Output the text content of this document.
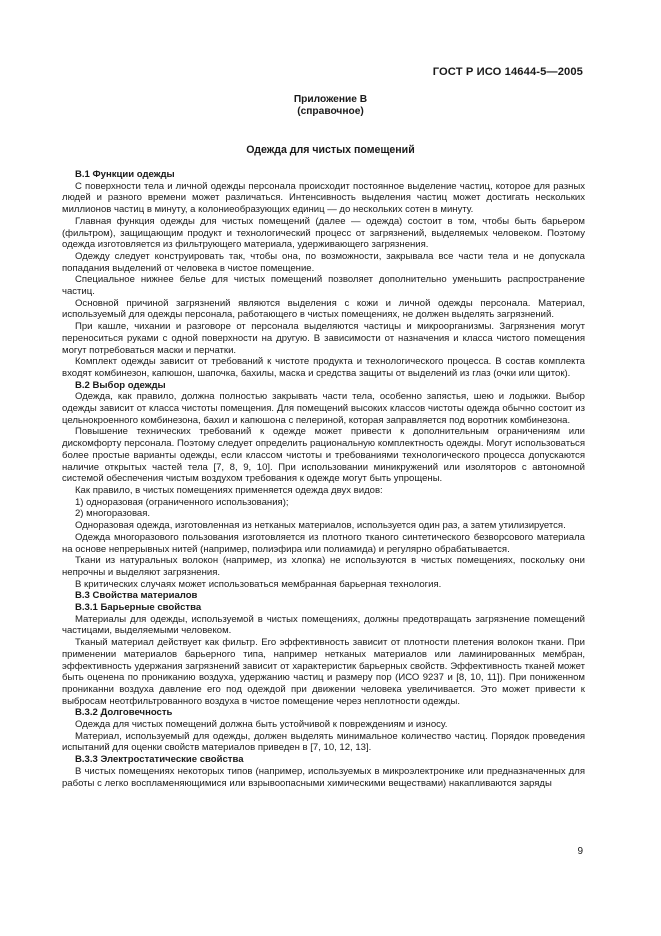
ГОСТ Р ИСО 14644-5—2005
Приложение B
(справочное)
Одежда для чистых помещений

B.1 Функции одежды

С поверхности тела и личной одежды персонала происходит постоянное выделение частиц, которое для разных людей и разного времени может различаться. Интенсивность выделения частиц может достигать нескольких миллионов частиц в минуту, а колониеобразующих единиц — до нескольких сотен в минуту.

Главная функция одежды для чистых помещений (далее — одежда) состоит в том, чтобы быть барьером (фильтром), защищающим продукт и технологический процесс от загрязнений, выделяемых человеком. Поэтому одежда изготовляется из фильтрующего материала, удерживающего загрязнения.

Одежду следует конструировать так, чтобы она, по возможности, закрывала все части тела и не допускала попадания выделений от человека в чистое помещение.

Специальное нижнее белье для чистых помещений позволяет дополнительно уменьшить распространение частиц.

Основной причиной загрязнений являются выделения с кожи и личной одежды персонала. Материал, используемый для одежды персонала, работающего в чистых помещениях, не должен выделять загрязнений.

При кашле, чихании и разговоре от персонала выделяются частицы и микроорганизмы. Загрязнения могут переноситься руками с одной поверхности на другую. В зависимости от назначения и класса чистого помещения могут потребоваться маски и перчатки.

Комплект одежды зависит от требований к чистоте продукта и технологического процесса. В состав комплекта входят комбинезон, капюшон, шапочка, бахилы, маска и средства защиты от выделений из глаз (очки или щиток).

B.2 Выбор одежды

Одежда, как правило, должна полностью закрывать части тела, особенно запястья, шею и лодыжки. Выбор одежды зависит от класса чистоты помещения. Для помещений высоких классов чистоты одежда обычно состоит из цельнокроенного комбинезона, бахил и капюшона с пелериной, которая заправляется под воротник комбинезона.

Повышение технических требований к одежде может привести к дополнительным ограничениям или дискомфорту персонала. Поэтому следует определить рациональную комплектность одежды. Могут использоваться более простые варианты одежды, если классом чистоты и требованиями технологического процесса допускаются наличие открытых частей тела [7, 8, 9, 10]. При использовании миникружений или изоляторов с автономной системой обеспечения чистым воздухом требования к одежде могут быть упрощены.

Как правило, в чистых помещениях применяется одежда двух видов:

1) одноразовая (ограниченного использования);

2) многоразовая.

Одноразовая одежда, изготовленная из нетканых материалов, используется один раз, а затем утилизируется.

Одежда многоразового пользования изготовляется из плотного тканого синтетического безворсового материала на основе непрерывных нитей (например, полиэфира или полиамида) и регулярно обрабатывается.

Ткани из натуральных волокон (например, из хлопка) не используются в чистых помещениях, поскольку они непрочны и выделяют загрязнения.

В критических случаях может использоваться мембранная барьерная технология.

B.3 Свойства материалов

B.3.1 Барьерные свойства

Материалы для одежды, используемой в чистых помещениях, должны предотвращать загрязнение помещений частицами, выделяемыми человеком.

Тканый материал действует как фильтр. Его эффективность зависит от плотности плетения волокон ткани. При применении материалов барьерного типа, например нетканых материалов или ламинированных мембран, эффективность удержания загрязнений зависит от характеристик барьерных свойств. Эффективность тканей может быть оценена по прониканию воздуха, удержанию частиц и размеру пор (ИСО 9237 и [8, 10, 11]). При пониженном прониканни воздуха давление его под одеждой при движении человека увеличивается. Это может привести к выбросам неотфильтрованного воздуха в чистое помещение через неплотности одежды.

B.3.2 Долговечность

Одежда для чистых помещений должна быть устойчивой к повреждениям и износу.

Материал, используемый для одежды, должен выделять минимальное количество частиц. Порядок проведения испытаний для оценки свойств материалов приведен в [7, 10, 12, 13].

B.3.3 Электростатические свойства

В чистых помещениях некоторых типов (например, используемых в микроэлектронике или предназначенных для работы с легко воспламеняющимися или взрывоопасными химическими веществами) накапливаются заряды

9
